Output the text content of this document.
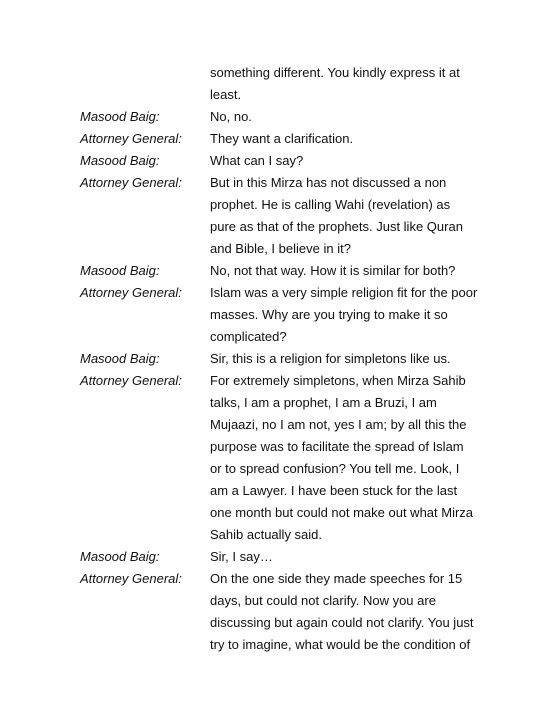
something different. You kindly express it at
least.
Masood Baig:	No, no.
Attorney General: They want a clarification.
Masood Baig:	What can I say?
Attorney General: But in this Mirza has not discussed a non
prophet. He is calling Wahi (revelation) as
pure as that of the prophets. Just like Quran
and Bible, I believe in it?
Masood Baig:	No, not that way. How it is similar for both?
Attorney General: Islam was a very simple religion fit for the poor
masses. Why are you trying to make it so
complicated?
Masood Baig:	Sir, this is a religion for simpletons like us.
Attorney General: For extremely simpletons, when Mirza Sahib
talks, I am a prophet, I am a Bruzi, I am
Mujaazi, no I am not, yes I am; by all this the
purpose was to facilitate the spread of Islam
or to spread confusion? You tell me. Look, I
am a Lawyer. I have been stuck for the last
one month but could not make out what Mirza
Sahib actually said.
Masood Baig:	Sir, I say…
Attorney General: On the one side they made speeches for 15
days, but could not clarify. Now you are
discussing but again could not clarify. You just
try to imagine, what would be the condition of
